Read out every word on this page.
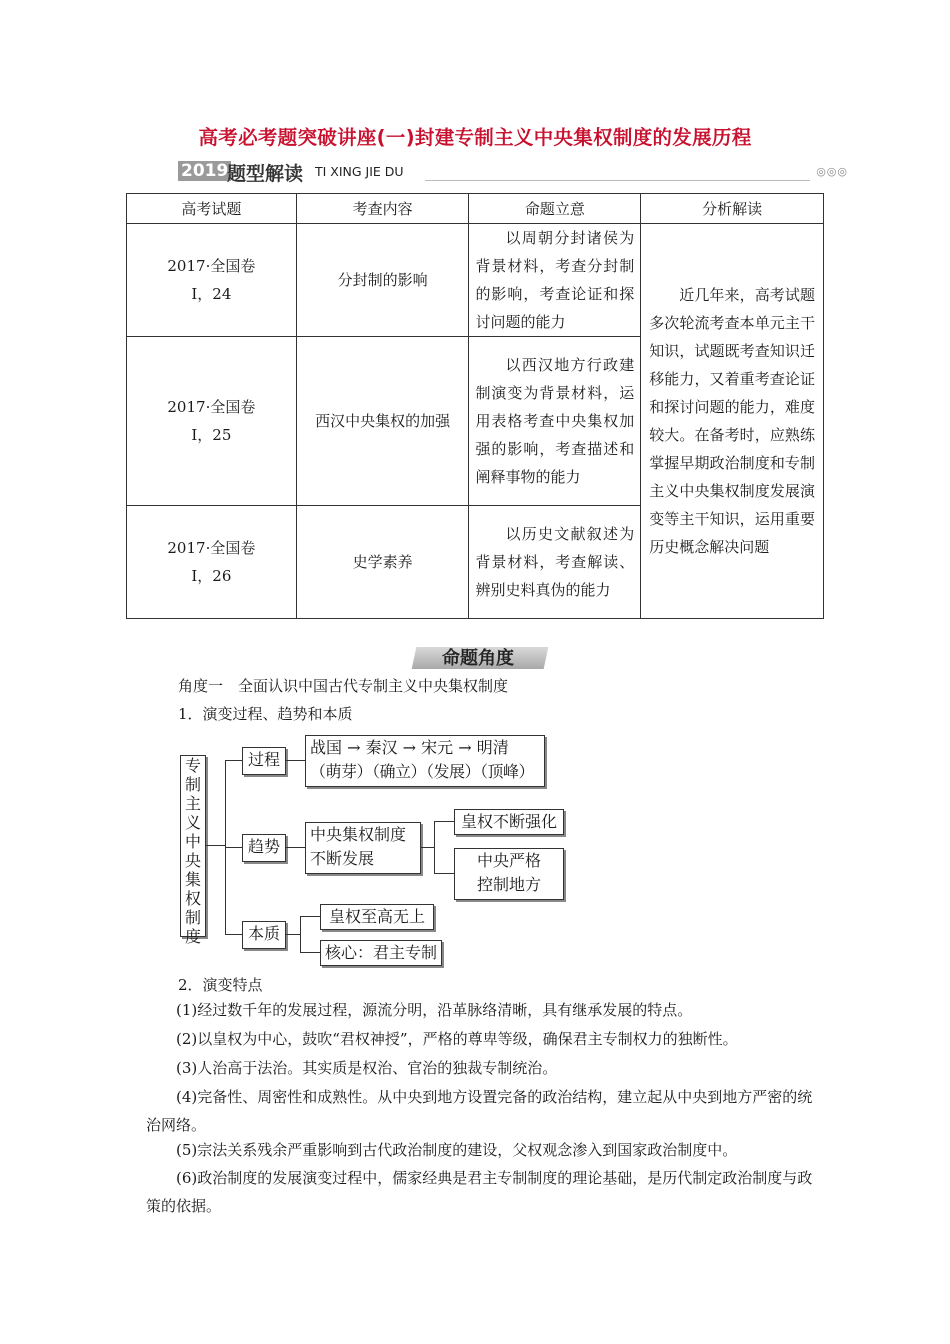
高考必考题突破讲座(一)封建专制主义中央集权制度的发展历程
2019
题型解读 TI XING JIE DU	◎◎◎
高考试题	考查内容	命题立意	分析解读

2017·全国卷
Ⅰ，24	分封制的影响	以周朝分封诸侯为背景材料，考查分封制的影响，考查论证和探讨问题的能力	近几年来，高考试题多次轮流考查本单元主干知识，试题既考查知识迁移能力，又着重考查论证和探讨问题的能力，难度较大。在备考时，应熟练掌握早期政治制度和专制主义中央集权制度发展演变等主干知识，运用重要历史概念解决问题

2017·全国卷
Ⅰ，25	西汉中央集权的加强	以西汉地方行政建制演变为背景材料，运用表格考查中央集权加强的影响，考查描述和阐释事物的能力	

2017·全国卷
Ⅰ，26	史学素养	以历史文献叙述为背景材料，考查解读、辨别史料真伪的能力	
命题角度
角度一　全面认识中国古代专制主义中央集权制度
1．演变过程、趋势和本质
专
制
主
义
中
央
集
权
制
度
过程
战国 → 秦汉 → 宋元 → 明清
（萌芽）（确立）（发展）（顶峰）
趋势
中央集权制度
不断发展
皇权不断强化
中央严格
控制地方
本质
皇权至高无上
核心：君主专制
2．演变特点
(1)经过数千年的发展过程，源流分明，沿革脉络清晰，具有继承发展的特点。
(2)以皇权为中心，鼓吹“君权神授”，严格的尊卑等级，确保君主专制权力的独断性。
(3)人治高于法治。其实质是权治、官治的独裁专制统治。
(4)完备性、周密性和成熟性。从中央到地方设置完备的政治结构，建立起从中央到地方严密的统治网络。
(5)宗法关系残余严重影响到古代政治制度的建设，父权观念渗入到国家政治制度中。
(6)政治制度的发展演变过程中，儒家经典是君主专制制度的理论基础，是历代制定政治制度与政策的依据。
